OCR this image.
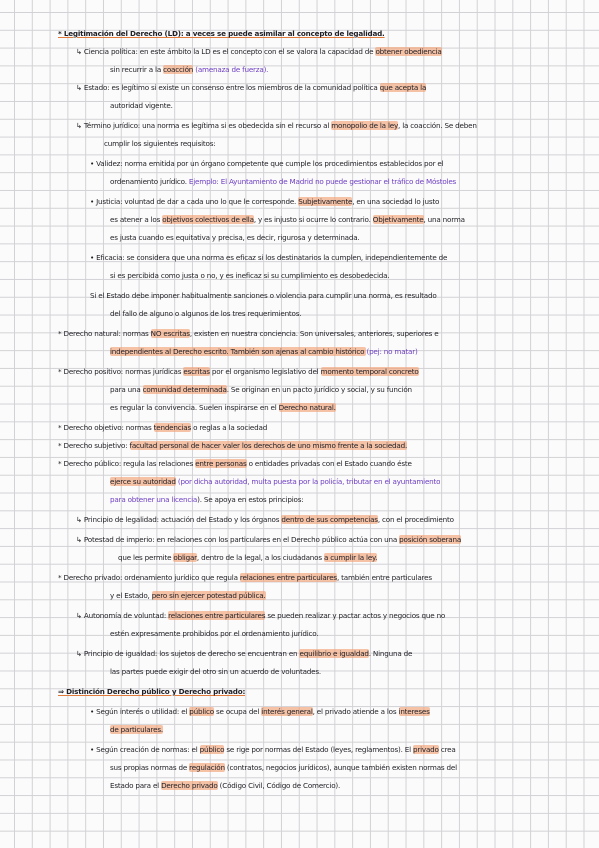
* Legitimación del Derecho (LD): a veces se puede asimilar al concepto de legalidad.
↳ Ciencia política: en este ámbito la LD es el concepto con el se valora la capacidad de obtener obediencia
sin recurrir a la coacción (amenaza de fuerza).
↳ Estado: es legítimo si existe un consenso entre los miembros de la comunidad política que acepta la
autoridad vigente.
↳ Término jurídico: una norma es legítima si es obedecida sin el recurso al monopolio de la ley, la coacción. Se deben
cumplir los siguientes requisitos:
• Validez: norma emitida por un órgano competente que cumple los procedimientos establecidos por el
ordenamiento jurídico. Ejemplo: El Ayuntamiento de Madrid no puede gestionar el tráfico de Móstoles
• Justicia: voluntad de dar a cada uno lo que le corresponde. Subjetivamente, en una sociedad lo justo
es atener a los objetivos colectivos de ella, y es injusto si ocurre lo contrario. Objetivamente, una norma
es justa cuando es equitativa y precisa, es decir, rigurosa y determinada.
• Eficacia: se considera que una norma es eficaz si los destinatarios la cumplen, independientemente de
si es percibida como justa o no, y es ineficaz si su cumplimiento es desobedecida.
Si el Estado debe imponer habitualmente sanciones o violencia para cumplir una norma, es resultado
del fallo de alguno o algunos de los tres requerimientos.
* Derecho natural: normas NO escritas, existen en nuestra conciencia. Son universales, anteriores, superiores e
independientes al Derecho escrito. También son ajenas al cambio histórico (pej: no matar)
* Derecho positivo: normas jurídicas escritas por el organismo legislativo del momento temporal concreto
para una comunidad determinada. Se originan en un pacto jurídico y social, y su función
es regular la convivencia. Suelen inspirarse en el Derecho natural.
* Derecho objetivo: normas tendencias o reglas a la sociedad
* Derecho subjetivo: facultad personal de hacer valer los derechos de uno mismo frente a la sociedad.
* Derecho público: regula las relaciones entre personas o entidades privadas con el Estado cuando éste
ejerce su autoridad (por dicha autoridad, multa puesta por la policía, tributar en el ayuntamiento
para obtener una licencia). Se apoya en estos principios:
↳ Principio de legalidad: actuación del Estado y los órganos dentro de sus competencias, con el procedimiento
↳ Potestad de imperio: en relaciones con los particulares en el Derecho público actúa con una posición soberana
que les permite obligar, dentro de la legal, a los ciudadanos a cumplir la ley.
* Derecho privado: ordenamiento jurídico que regula relaciones entre particulares, también entre particulares
y el Estado, pero sin ejercer potestad pública.
↳ Autonomía de voluntad: relaciones entre particulares se pueden realizar y pactar actos y negocios que no
estén expresamente prohibidos por el ordenamiento jurídico.
↳ Principio de igualdad: los sujetos de derecho se encuentran en equilibrio e igualdad. Ninguna de
las partes puede exigir del otro sin un acuerdo de voluntades.
⇒ Distinción Derecho público y Derecho privado:
• Según interés o utilidad: el público se ocupa del interés general, el privado atiende a los intereses
de particulares.
• Según creación de normas: el público se rige por normas del Estado (leyes, reglamentos). El privado crea
sus propias normas de regulación (contratos, negocios jurídicos), aunque también existen normas del
Estado para el Derecho privado (Código Civil, Código de Comercio).
